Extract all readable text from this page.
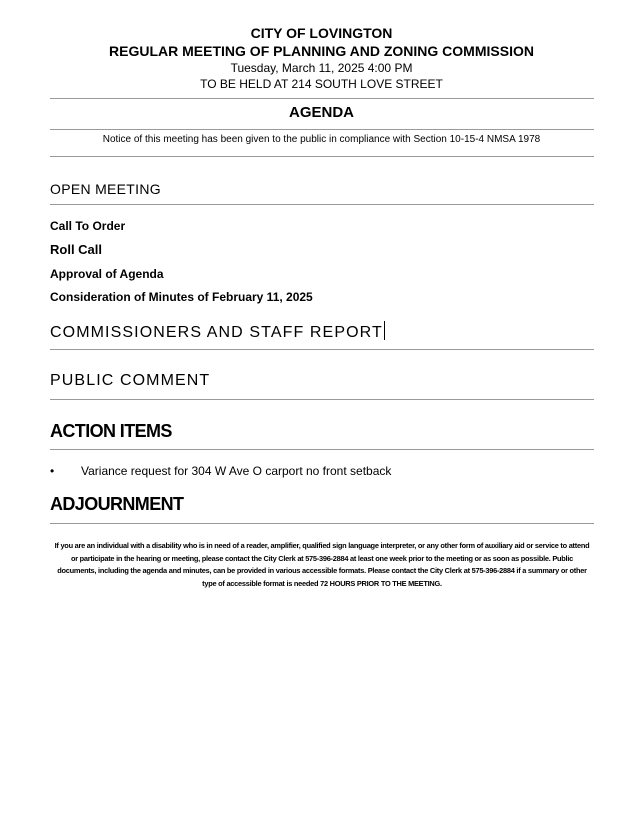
CITY OF LOVINGTON
REGULAR MEETING OF PLANNING AND ZONING COMMISSION
Tuesday, March 11, 2025 4:00 PM
TO BE HELD AT 214 SOUTH LOVE STREET
AGENDA
Notice of this meeting has been given to the public in compliance with Section 10-15-4 NMSA 1978
OPEN MEETING
Call To Order
Roll Call
Approval of Agenda
Consideration of Minutes of February 11, 2025
COMMISSIONERS AND STAFF REPORT
PUBLIC COMMENT
ACTION ITEMS
• Variance request for 304 W Ave O carport no front setback
ADJOURNMENT
If you are an individual with a disability who is in need of a reader, amplifier, qualified sign language interpreter, or any other form of auxiliary aid or service to attend or participate in the hearing or meeting, please contact the City Clerk at 575-396-2884 at least one week prior to the meeting or as soon as possible. Public documents, including the agenda and minutes, can be provided in various accessible formats. Please contact the City Clerk at 575-396-2884 if a summary or other type of accessible format is needed 72 HOURS PRIOR TO THE MEETING.
